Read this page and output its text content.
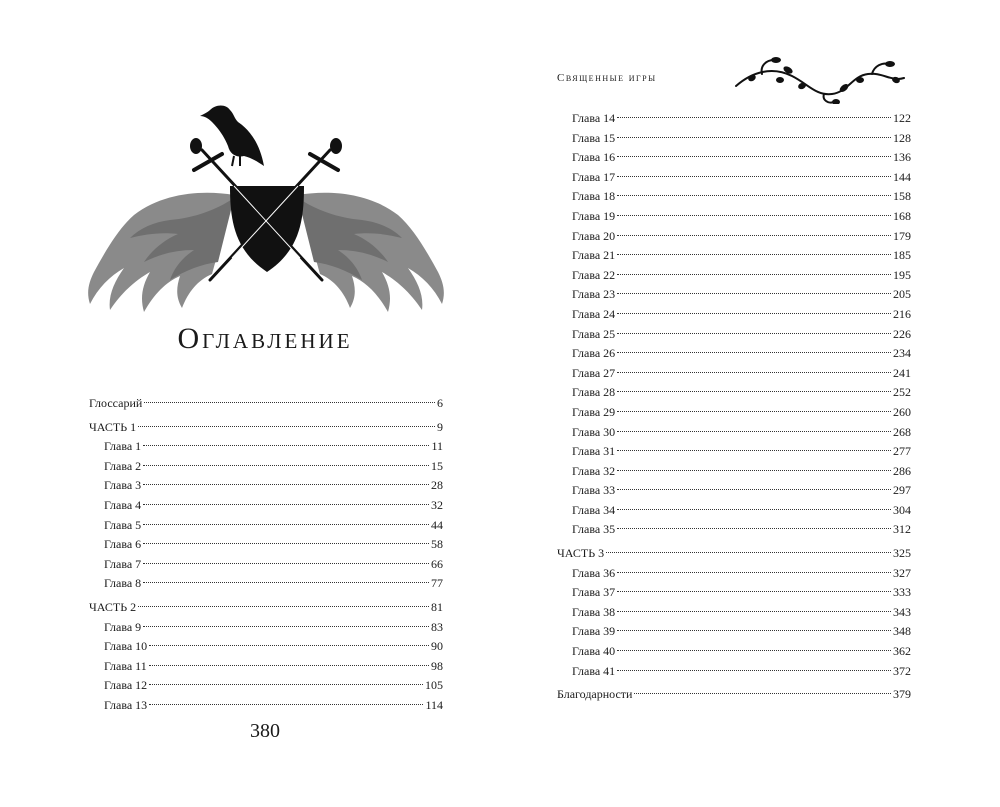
Оглавление
Глоссарий	6
ЧАСТЬ 1	9
Глава 1	11
Глава 2	15
Глава 3	28
Глава 4	32
Глава 5	44
Глава 6	58
Глава 7	66
Глава 8	77
ЧАСТЬ 2	81
Глава 9	83
Глава 10	90
Глава 11	98
Глава 12	105
Глава 13	114
380
Священные игры
Глава 14	122
Глава 15	128
Глава 16	136
Глава 17	144
Глава 18	158
Глава 19	168
Глава 20	179
Глава 21	185
Глава 22	195
Глава 23	205
Глава 24	216
Глава 25	226
Глава 26	234
Глава 27	241
Глава 28	252
Глава 29	260
Глава 30	268
Глава 31	277
Глава 32	286
Глава 33	297
Глава 34	304
Глава 35	312
ЧАСТЬ 3	325
Глава 36	327
Глава 37	333
Глава 38	343
Глава 39	348
Глава 40	362
Глава 41	372
Благодарности	379
